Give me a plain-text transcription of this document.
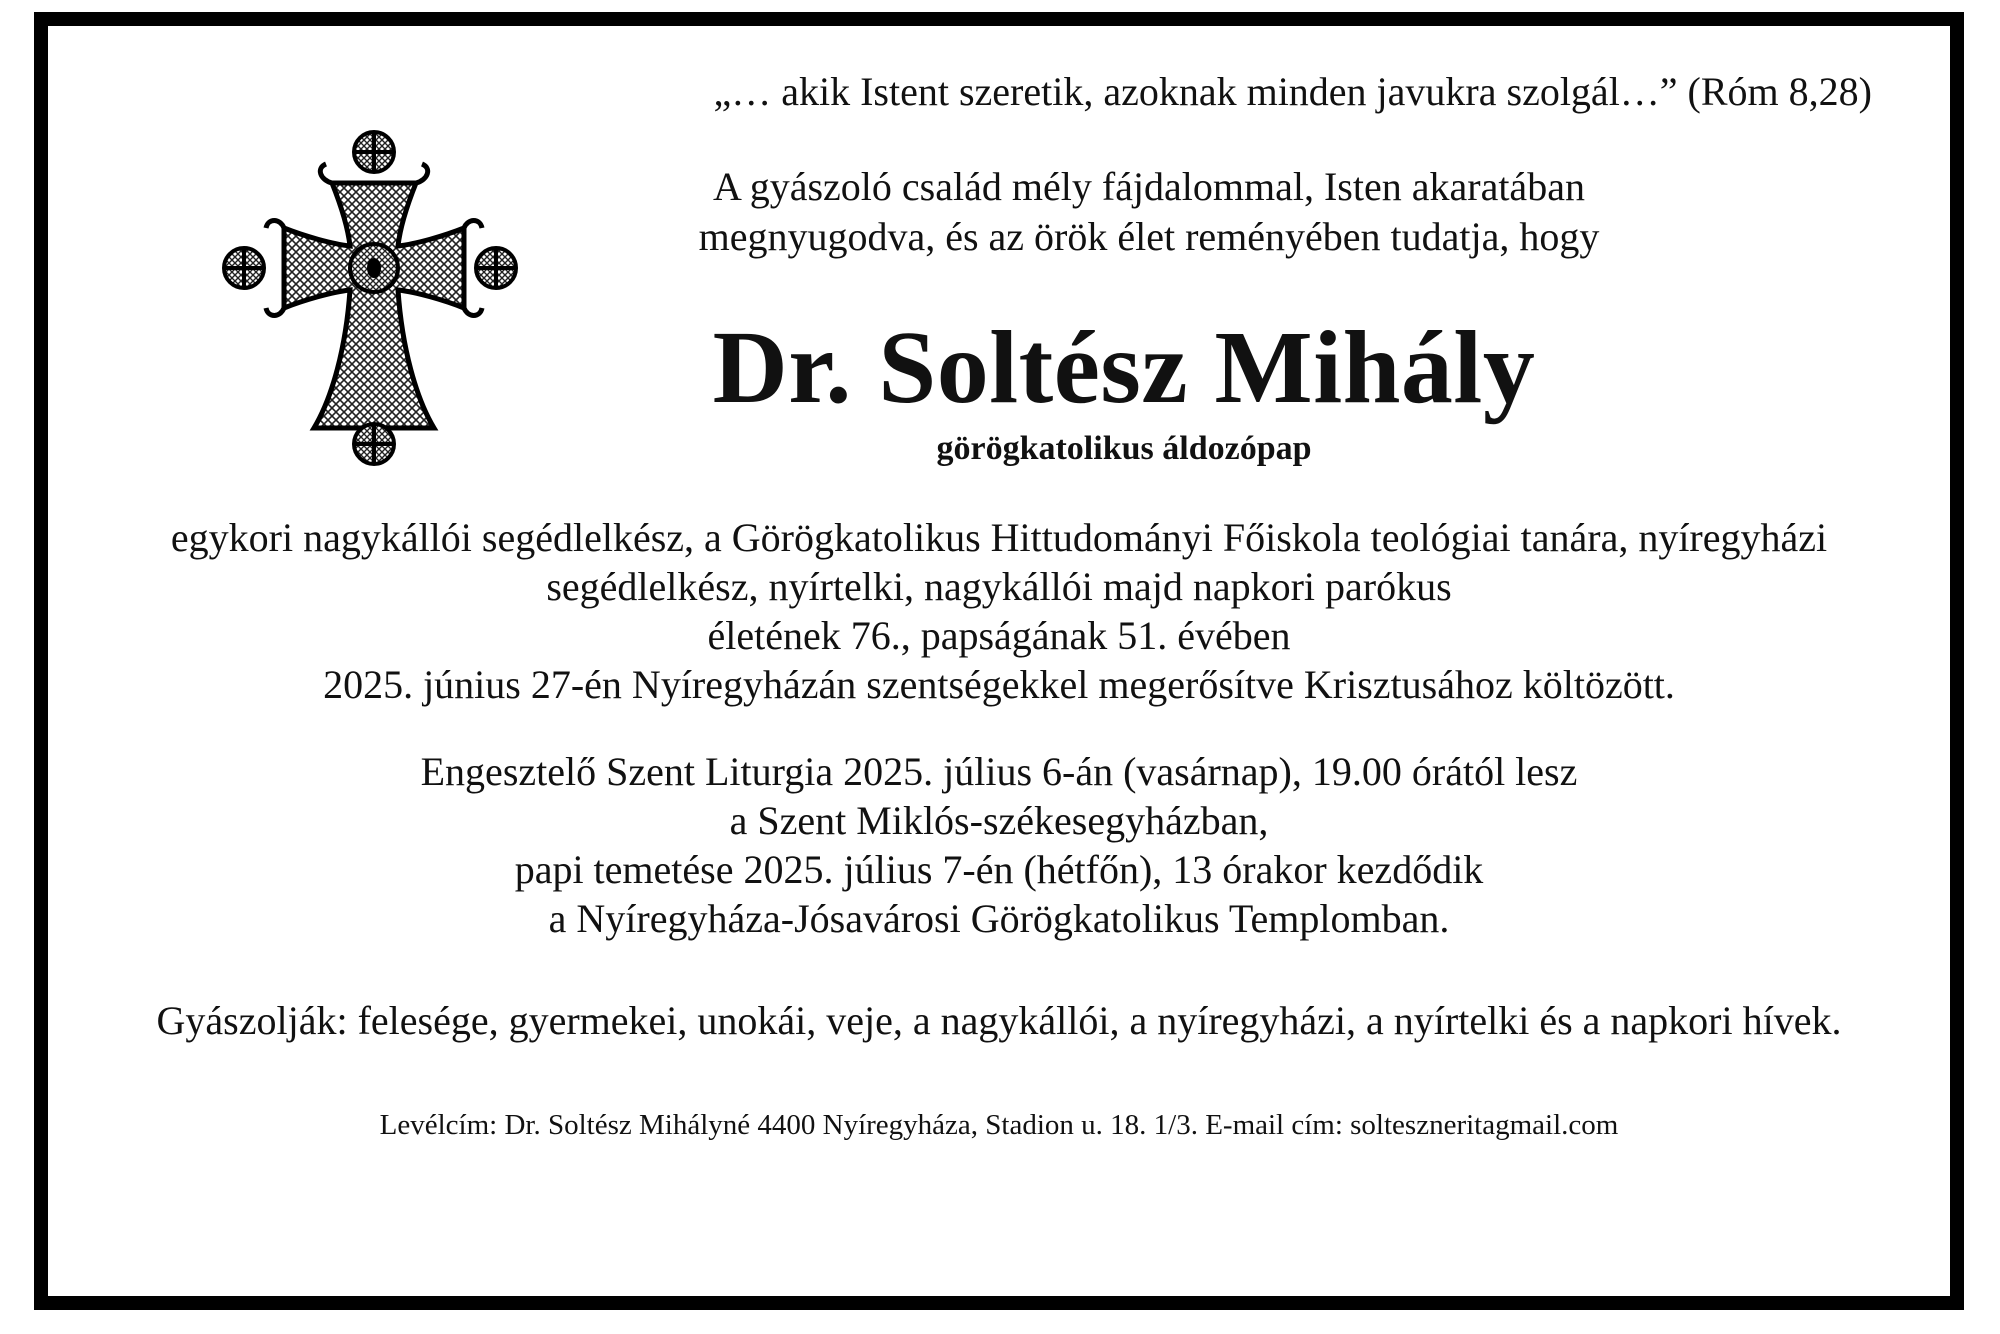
„… akik Istent szeretik, azoknak minden javukra szolgál…” (Róm 8,28)
A gyászoló család mély fájdalommal, Isten akaratában
megnyugodva, és az örök élet reményében tudatja, hogy
Dr. Soltész Mihály
görögkatolikus áldozópap
egykori nagykállói segédlelkész, a Görögkatolikus Hittudományi Főiskola teológiai tanára, nyíregyházi
segédlelkész, nyírtelki, nagykállói majd napkori parókus
életének 76., papságának 51. évében
2025. június 27-én Nyíregyházán szentségekkel megerősítve Krisztusához költözött.
Engesztelő Szent Liturgia 2025. július 6-án (vasárnap), 19.00 órától lesz
a Szent Miklós-székesegyházban,
papi temetése 2025. július 7-én (hétfőn), 13 órakor kezdődik
a Nyíregyháza-Jósavárosi Görögkatolikus Templomban.
Gyászolják: felesége, gyermekei, unokái, veje, a nagykállói, a nyíregyházi, a nyírtelki és a napkori hívek.
Levélcím: Dr. Soltész Mihályné 4400 Nyíregyháza, Stadion u. 18. 1/3. E-mail cím: solteszneritagmail.com
